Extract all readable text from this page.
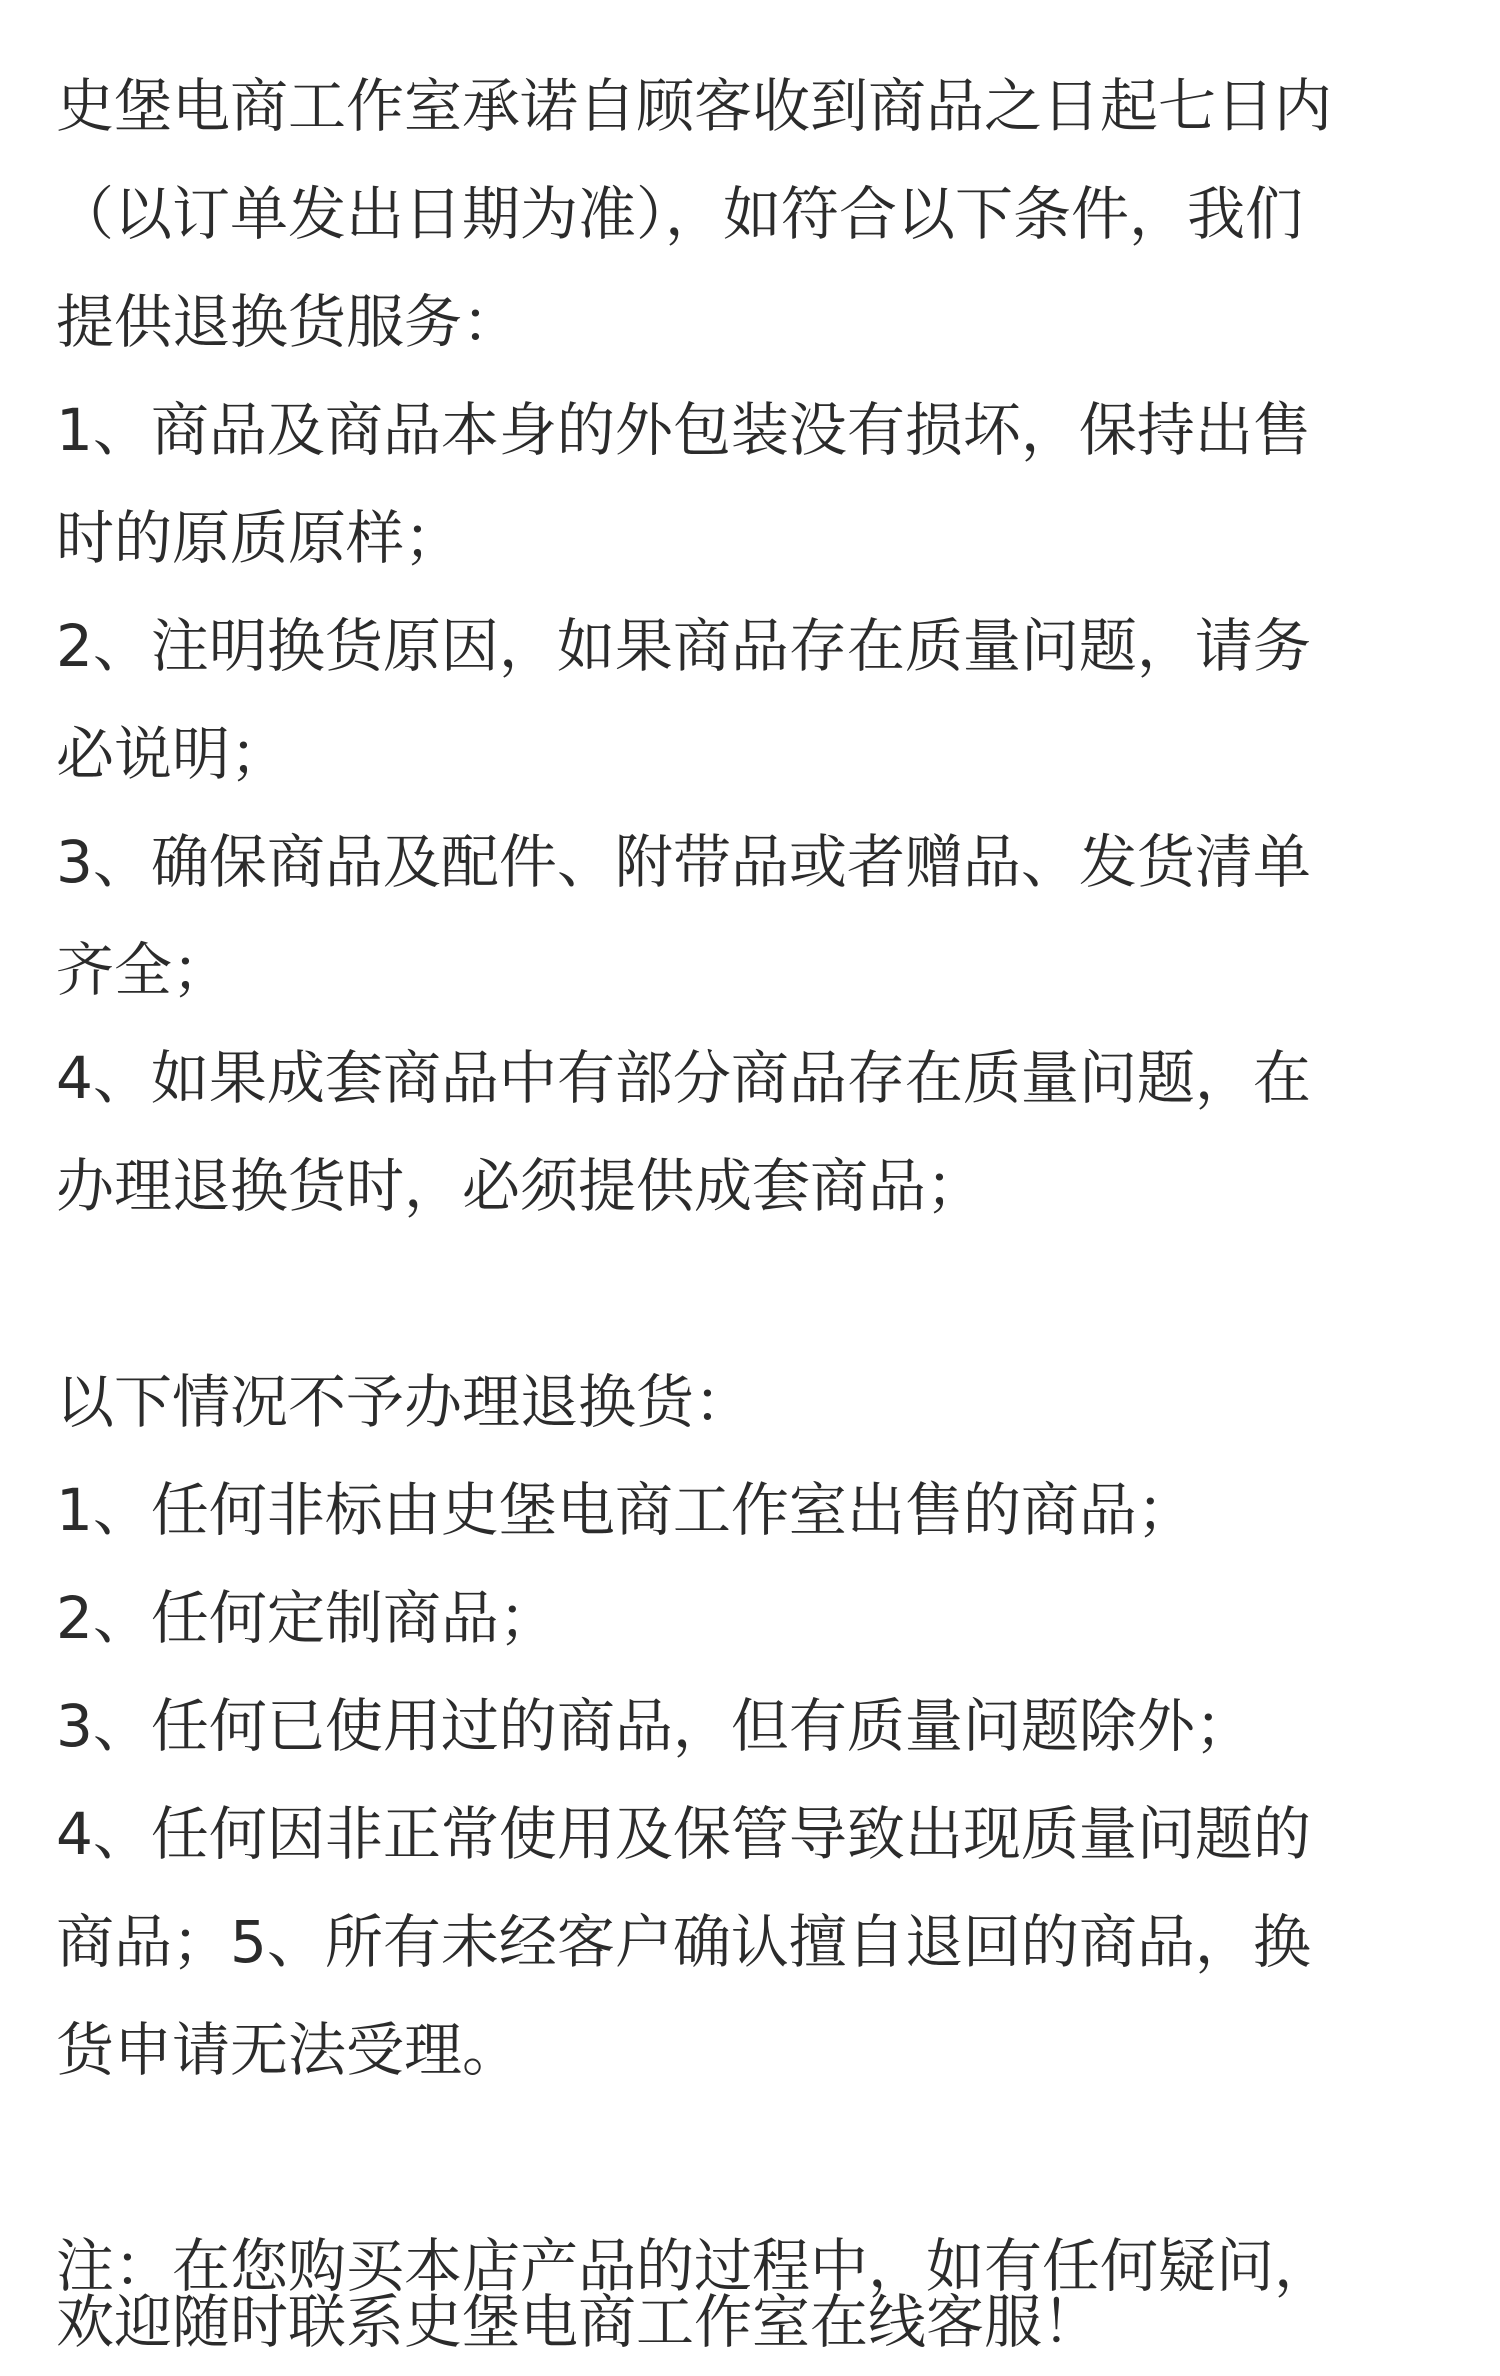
史堡电商工作室承诺自顾客收到商品之日起七日内
（以订单发出日期为准），如符合以下条件，我们
提供退换货服务：
1、商品及商品本身的外包装没有损坏，保持出售
时的原质原样；
2、注明换货原因，如果商品存在质量问题，请务
必说明；
3、确保商品及配件、附带品或者赠品、发货清单
齐全；
4、如果成套商品中有部分商品存在质量问题，在
办理退换货时，必须提供成套商品；
以下情况不予办理退换货：
1、任何非标由史堡电商工作室出售的商品；
2、任何定制商品；
3、任何已使用过的商品，但有质量问题除外；
4、任何因非正常使用及保管导致出现质量问题的
商品；5、所有未经客户确认擅自退回的商品，换
货申请无法受理。
注：在您购买本店产品的过程中，如有任何疑问，
欢迎随时联系史堡电商工作室在线客服！
